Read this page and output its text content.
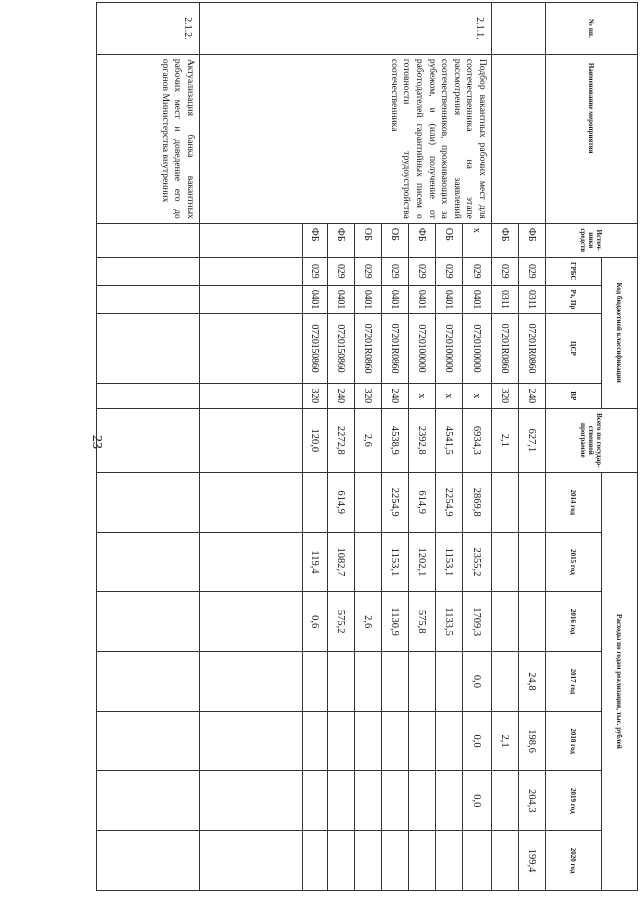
23
№ пп.	Наименование мероприятия	Источ-ники средств	Код бюджетной классификации				Всего по государ-ственной программе	Расходы по годам реализации, тыс. рублей						
			ГРБС	Рз, Пр	ЦСР	ВР		2014 год	2015 год	2016 год	2017 год	2018 год	2019 год	2020 год
		ФБ	029	0311	07201R0860	240	627,1				24,8	198,6	204,3	199,4
		ФБ	029	0311	07201R0860	320	2,1					2,1		
2.1.1.	Подбор вакантных рабочих мест для соотечественника на этапе рассмотрения заявлений соотечественников, проживающих за рубежом, и (или) получение от работодателей гарантийных писем о готовности трудоустройства соотечественника	х	029	0401	0720100000	х	6934,3	2869,8	2355,2	1709,3	0,0	0,0	0,0	
		ОБ	029	0401	0720100000	х	4541,5	2254,9	1153,1	1133,5				
		ФБ	029	0401	0720100000	х	2392,8	614,9	1202,1	575,8				
		ОБ	029	0401	07201R0860	240	4538,9	2254,9	1153,1	1130,9				
		ОБ	029	0401	07201R0860	320	2,6			2,6				
		ФБ	029	0401	0720150860	240	2272,8	614,9	1082,7	575,2				
		ФБ	029	0401	0720150860	320	120,0		119,4	0,6				

2.1.2.	Актуализация банка вакантных рабочих мест и доведение его до органов Министерства внутренних													
